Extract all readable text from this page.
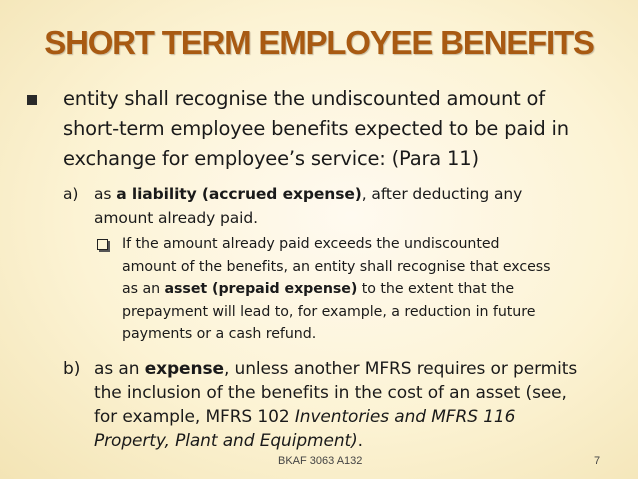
SHORT TERM EMPLOYEE BENEFITS

entity shall recognise the undiscounted amount of

short-term employee benefits expected to be paid in

exchange for employee’s service: (Para 11)

a) as a liability (accrued expense), after deducting any

amount already paid.

If the amount already paid exceeds the undiscounted

amount of the benefits, an entity shall recognise that excess

as an asset (prepaid expense) to the extent that the

prepayment will lead to, for example, a reduction in future

payments or a cash refund.

b) as an expense, unless another MFRS requires or permits

the inclusion of the benefits in the cost of an asset (see,

for example, MFRS 102 Inventories and MFRS 116

Property, Plant and Equipment).

BKAF 3063 A132	7
